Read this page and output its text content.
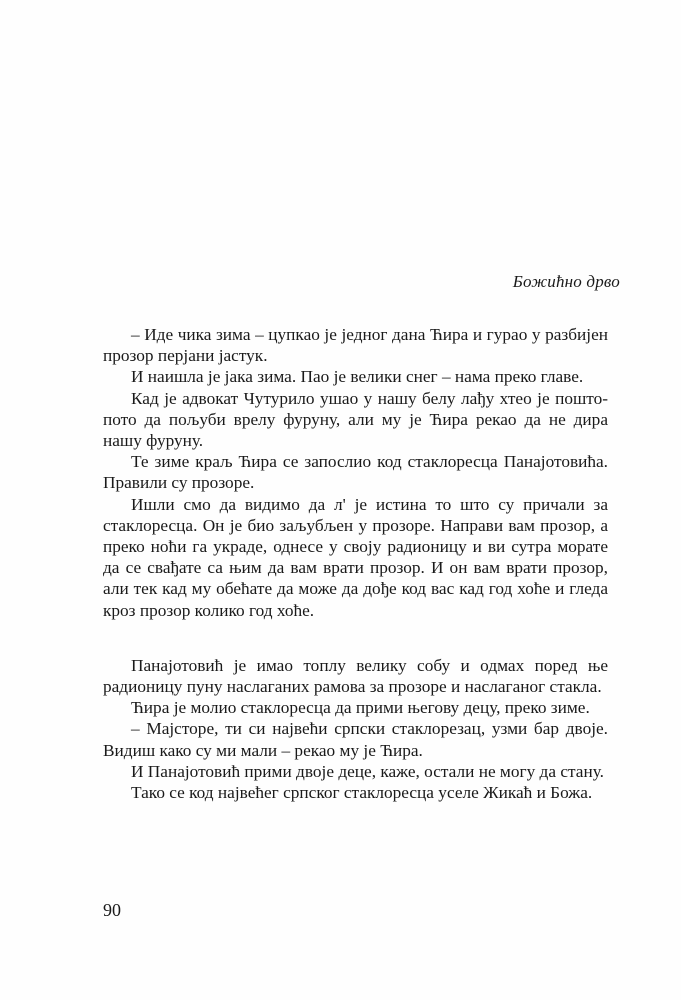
Божићно дрво

– Иде чика зима – цупкао је једног дана Ћира и гурао у разбијен прозор перјани јастук.

И наишла је јака зима. Пао је велики снег – нама преко главе.

Кад је адвокат Чутурило ушао у нашу белу лађу хтео је пошто-пото да пољуби врелу фуруну, али му је Ћира рекао да не дира нашу фуруну.

Те зиме краљ Ћира се запослио код стаклоресца Панајотовића. Правили су прозоре.

Ишли смо да видимо да л' је истина то што су причали за стаклоресца. Он је био заљубљен у прозоре. Направи вам прозор, а преко ноћи га украде, однесе у своју радионицу и ви сутра морате да се свађате са њим да вам врати прозор. И он вам врати прозор, али тек кад му обећате да може да дође код вас кад год хоће и гледа кроз прозор колико год хоће.

Панајотовић је имао топлу велику собу и одмах поред ње радионицу пуну наслаганих рамова за прозоре и наслаганог стакла.

Ћира је молио стаклоресца да прими његову децу, преко зиме.

– Мајсторе, ти си највећи српски стаклорезац, узми бар двоје. Видиш како су ми мали – рекао му је Ћира.

И Панајотовић прими двоје деце, каже, остали не могу да стану.

Тако се код највећег српског стаклоресца уселе Жикаћ и Божа.

90
